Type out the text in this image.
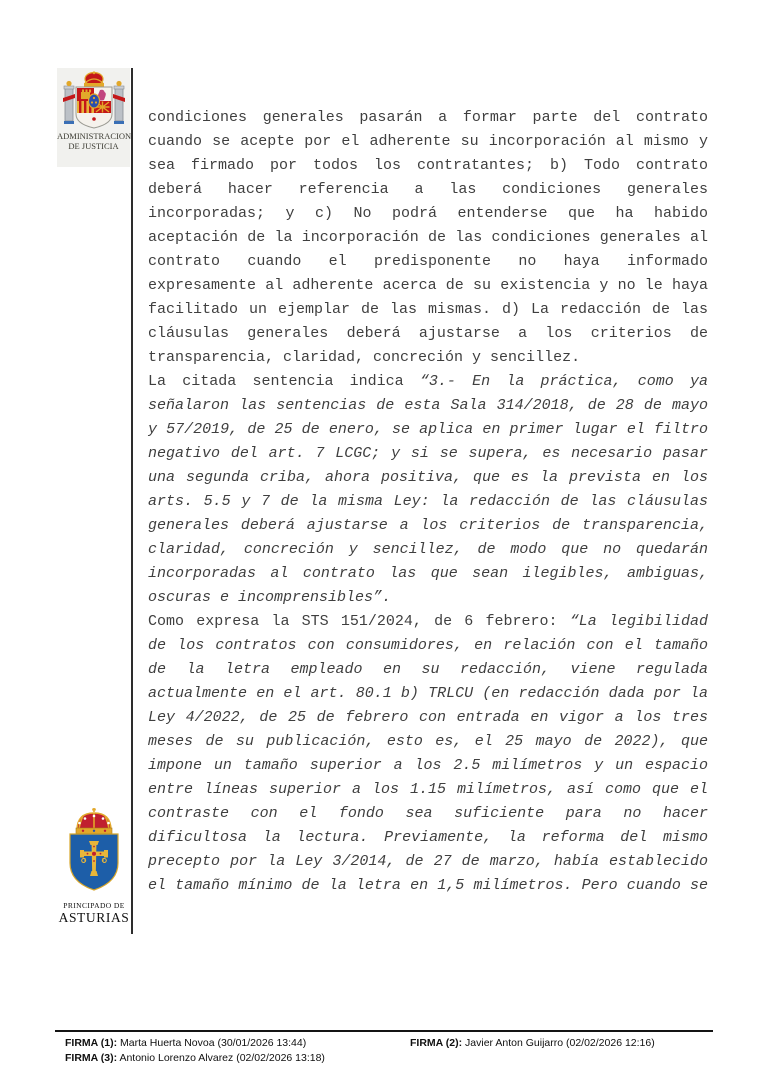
ADMINISTRACION
DE JUSTICIA
condiciones generales pasarán a formar parte del contrato
cuando se acepte por el adherente su incorporación al mismo y
sea firmado por todos los contratantes; b) Todo contrato
deberá hacer referencia a las condiciones generales
incorporadas; y c) No podrá entenderse que ha habido
aceptación de la incorporación de las condiciones generales al
contrato cuando el predisponente no haya informado
expresamente al adherente acerca de su existencia y no le haya
facilitado un ejemplar de las mismas. d) La redacción de las
cláusulas generales deberá ajustarse a los criterios de
transparencia, claridad, concreción y sencillez.
La citada sentencia indica “3.- En la práctica, como ya
señalaron las sentencias de esta Sala 314/2018, de 28 de mayo
y 57/2019, de 25 de enero, se aplica en primer lugar el filtro
negativo del art. 7 LCGC; y si se supera, es necesario pasar
una segunda criba, ahora positiva, que es la prevista en los
arts. 5.5 y 7 de la misma Ley: la redacción de las cláusulas
generales deberá ajustarse a los criterios de transparencia,
claridad, concreción y sencillez, de modo que no quedarán
incorporadas al contrato las que sean ilegibles, ambiguas,
oscuras e incomprensibles”.
Como expresa la STS 151/2024, de 6 febrero: “La legibilidad
de los contratos con consumidores, en relación con el tamaño
de la letra empleado en su redacción, viene regulada
actualmente en el art. 80.1 b) TRLCU (en redacción dada por la
Ley 4/2022, de 25 de febrero con entrada en vigor a los tres
meses de su publicación, esto es, el 25 mayo de 2022), que
impone un tamaño superior a los 2.5 milímetros y un espacio
entre líneas superior a los 1.15 milímetros, así como que el
contraste con el fondo sea suficiente para no hacer
dificultosa la lectura. Previamente, la reforma del mismo
precepto por la Ley 3/2014, de 27 de marzo, había establecido
el tamaño mínimo de la letra en 1,5 milímetros. Pero cuando se
PRINCIPADO DE
ASTURIAS
FIRMA (1): Marta Huerta Novoa (30/01/2026 13:44)	FIRMA (2): Javier Anton Guijarro (02/02/2026 12:16)
FIRMA (3): Antonio Lorenzo Alvarez (02/02/2026 13:18)
